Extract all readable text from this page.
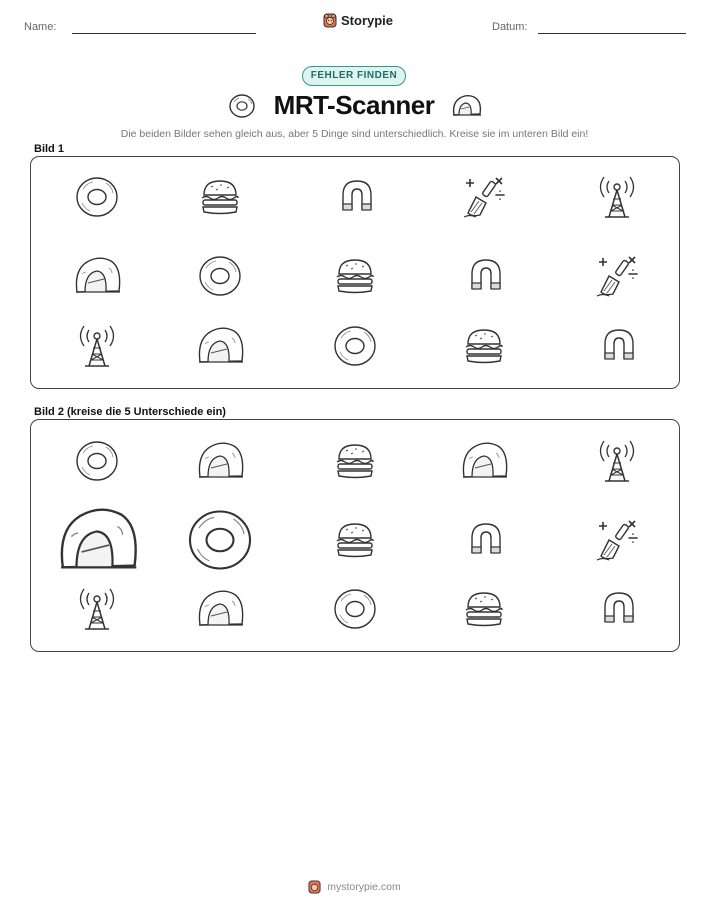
Name:	Storypie	Datum:
FEHLER FINDEN
MRT-Scanner
Die beiden Bilder sehen gleich aus, aber 5 Dinge sind unterschiedlich. Kreise sie im unteren Bild ein!
Bild 1
Bild 2 (kreise die 5 Unterschiede ein)
mystorypie.com
